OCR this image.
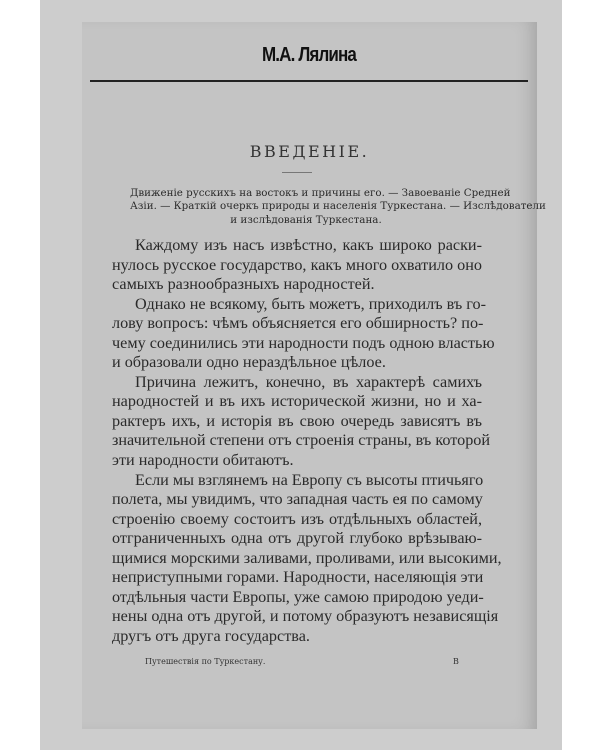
М.А. Лялина
ВВЕДЕНІЕ.
Движеніе русскихъ на востокъ и причины его. — Завоеваніе Средней
Азіи. — Краткій очеркъ природы и населенія Туркестана. — Изслѣдователи
и изслѣдованія Туркестана.
Каждому изъ насъ извѣстно, какъ широко раски-
нулось русское государство, какъ много охватило оно
самыхъ разнообразныхъ народностей.
Однако не всякому, быть можетъ, приходилъ въ го-
лову вопросъ: чѣмъ объясняется его обширность? по-
чему соединились эти народности подъ одною властью
и образовали одно нераздѣльное цѣлое.
Причина лежитъ, конечно, въ характерѣ самихъ
народностей и въ ихъ исторической жизни, но и ха-
рактеръ ихъ, и исторія въ свою очередь зависятъ въ
значительной степени отъ строенія страны, въ которой
эти народности обитаютъ.
Если мы взглянемъ на Европу съ высоты птичьяго
полета, мы увидимъ, что западная часть ея по самому
строенію своему состоитъ изъ отдѣльныхъ областей,
отграниченныхъ одна отъ другой глубоко врѣзываю-
щимися морскими заливами, проливами, или высокими,
неприступными горами. Народности, населяющія эти
отдѣльныя части Европы, уже самою природою уеди-
нены одна отъ другой, и потому образуютъ независящія
другъ отъ друга государства.
Путешествія по Туркестану.	В
